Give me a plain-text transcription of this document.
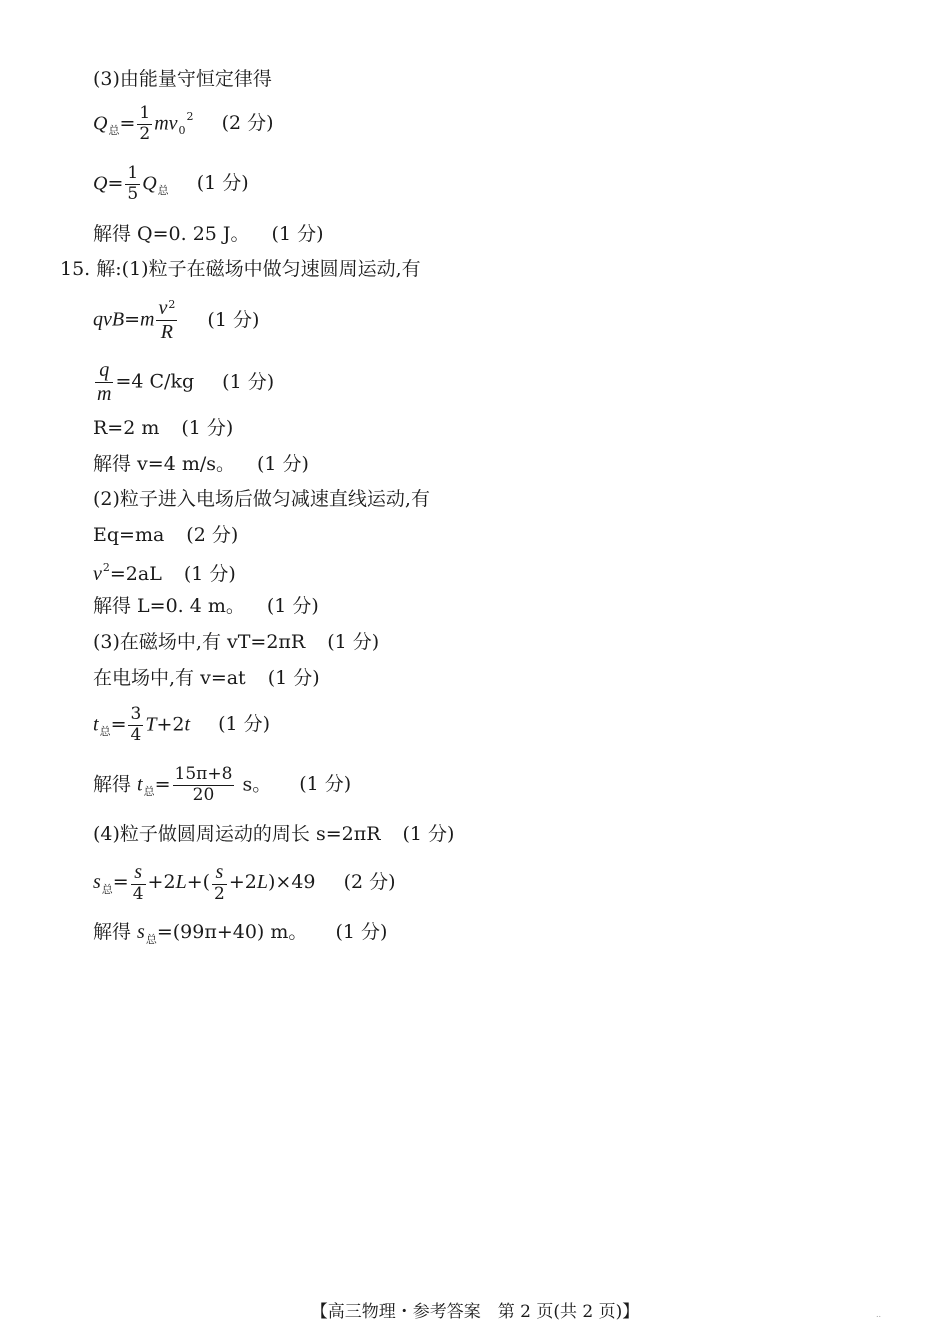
(3)由能量守恒定律得
$Q_总= \frac{1}{2} mv_0^2$ (2 分)
$Q= \frac{1}{5} Q_总$ (1 分)
解得 Q=0. 25 J。 (1 分)
15. 解:(1)粒子在磁场中做匀速圆周运动,有
$qvB=m \frac{v^2}{R} (1$ 分)
$\frac{q}{m} =4$ C/kg (1 分)
R=2 m (1 分)
解得 v=4 m/s。 (1 分)
(2)粒子进入电场后做匀减速直线运动,有
Eq=ma (2 分)
$v^2=2aL$ (1 分)
解得 L=0. 4 m。 (1 分)
(3)在磁场中,有 vT=2πR (1 分)
在电场中,有 v=at (1 分)
$t_总= \frac{3}{4} T+2t$ (1 分)
解得 $t_总= \frac{15\pi+8}{20}$ s。 (1 分)
(4)粒子做圆周运动的周长 s=2πR (1 分)
$s_总= \frac{s}{4} +2L+( \frac{s}{2} +2L)\times 49$ (2 分)
解得 $s_总=(99\pi+40)$ m。 (1 分)
【高三物理・参考答案　第 2 页(共 2 页)】	..
